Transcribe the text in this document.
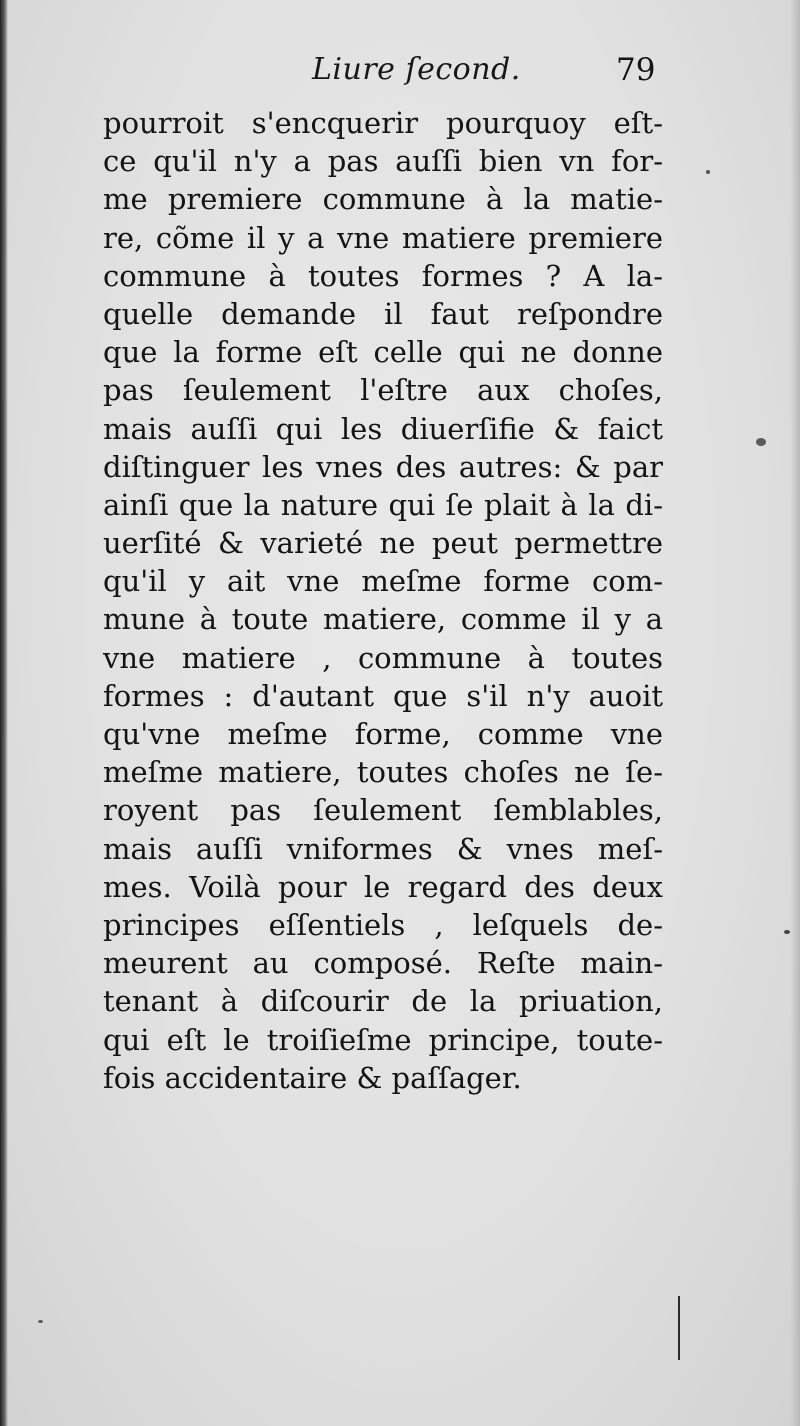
Liure ſecond.	79
pourroit s'encquerir pourquoy eſt-
ce qu'il n'y a pas auſſi bien vn for-
me premiere commune à la matie-
re, cõme il y a vne matiere premiere
commune à toutes formes ? A la-
quelle demande il faut reſpondre
que la forme eſt celle qui ne donne
pas ſeulement l'eſtre aux choſes,
mais auſſi qui les diuerſifie & faict
diſtinguer les vnes des autres: & par
ainſi que la nature qui ſe plait à la di-
uerſité & varieté ne peut permettre
qu'il y ait vne meſme forme com-
mune à toute matiere, comme il y a
vne matiere , commune à toutes
formes : d'autant que s'il n'y auoit
qu'vne meſme forme, comme vne
meſme matiere, toutes choſes ne ſe-
royent pas ſeulement ſemblables,
mais auſſi vniformes & vnes meſ-
mes. Voilà pour le regard des deux
principes eſſentiels , leſquels de-
meurent au composé. Reſte main-
tenant à diſcourir de la priuation,
qui eſt le troiſieſme principe, toute-
fois accidentaire & paſſager.
